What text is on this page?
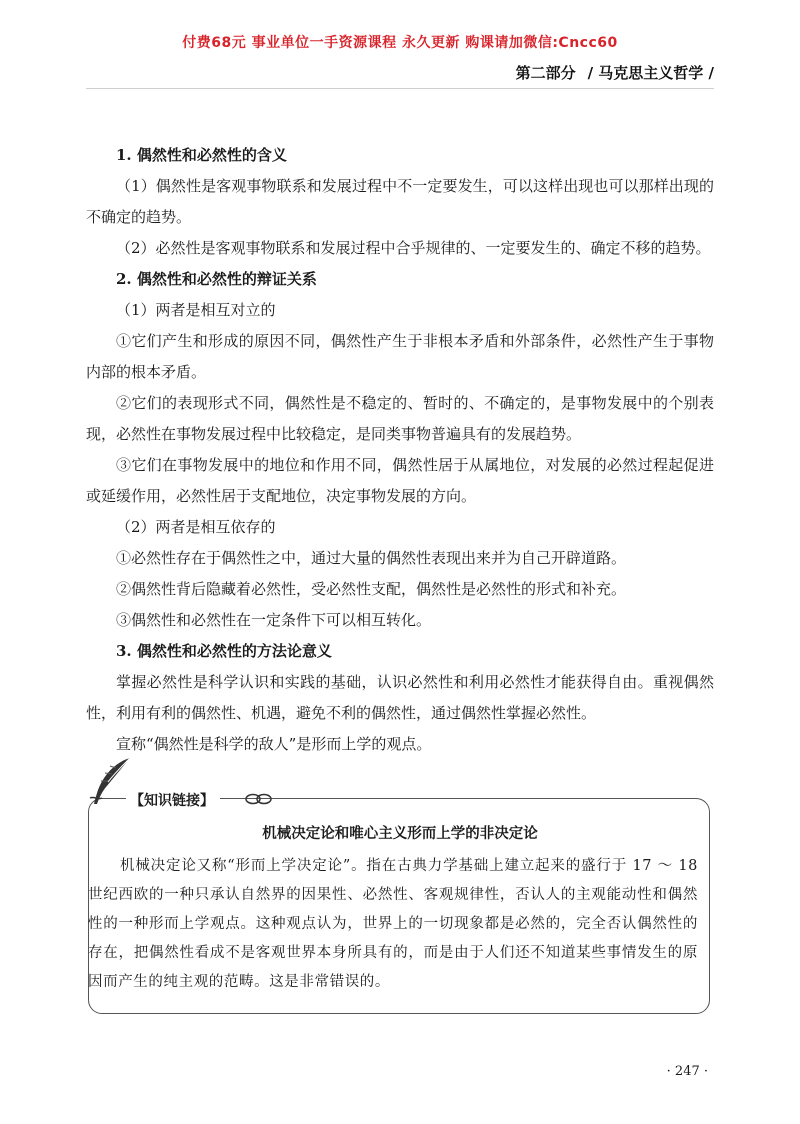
付费68元 事业单位一手资源课程 永久更新 购课请加微信:Cncc60
第二部分 / 马克思主义哲学 /
1. 偶然性和必然性的含义

（1）偶然性是客观事物联系和发展过程中不一定要发生，可以这样出现也可以那样出现的不确定的趋势。

（2）必然性是客观事物联系和发展过程中合乎规律的、一定要发生的、确定不移的趋势。

2. 偶然性和必然性的辩证关系

（1）两者是相互对立的

①它们产生和形成的原因不同，偶然性产生于非根本矛盾和外部条件，必然性产生于事物内部的根本矛盾。

②它们的表现形式不同，偶然性是不稳定的、暂时的、不确定的，是事物发展中的个别表现，必然性在事物发展过程中比较稳定，是同类事物普遍具有的发展趋势。

③它们在事物发展中的地位和作用不同，偶然性居于从属地位，对发展的必然过程起促进或延缓作用，必然性居于支配地位，决定事物发展的方向。

（2）两者是相互依存的

①必然性存在于偶然性之中，通过大量的偶然性表现出来并为自己开辟道路。

②偶然性背后隐藏着必然性，受必然性支配，偶然性是必然性的形式和补充。

③偶然性和必然性在一定条件下可以相互转化。

3. 偶然性和必然性的方法论意义

掌握必然性是科学认识和实践的基础，认识必然性和利用必然性才能获得自由。重视偶然性，利用有利的偶然性、机遇，避免不利的偶然性，通过偶然性掌握必然性。

宣称“偶然性是科学的敌人”是形而上学的观点。

【知识链接】
机械决定论和唯心主义形而上学的非决定论

机械决定论又称“形而上学决定论”。指在古典力学基础上建立起来的盛行于 17 ～ 18 世纪西欧的一种只承认自然界的因果性、必然性、客观规律性，否认人的主观能动性和偶然性的一种形而上学观点。这种观点认为，世界上的一切现象都是必然的，完全否认偶然性的存在，把偶然性看成不是客观世界本身所具有的，而是由于人们还不知道某些事情发生的原因而产生的纯主观的范畴。这是非常错误的。

· 247 ·
